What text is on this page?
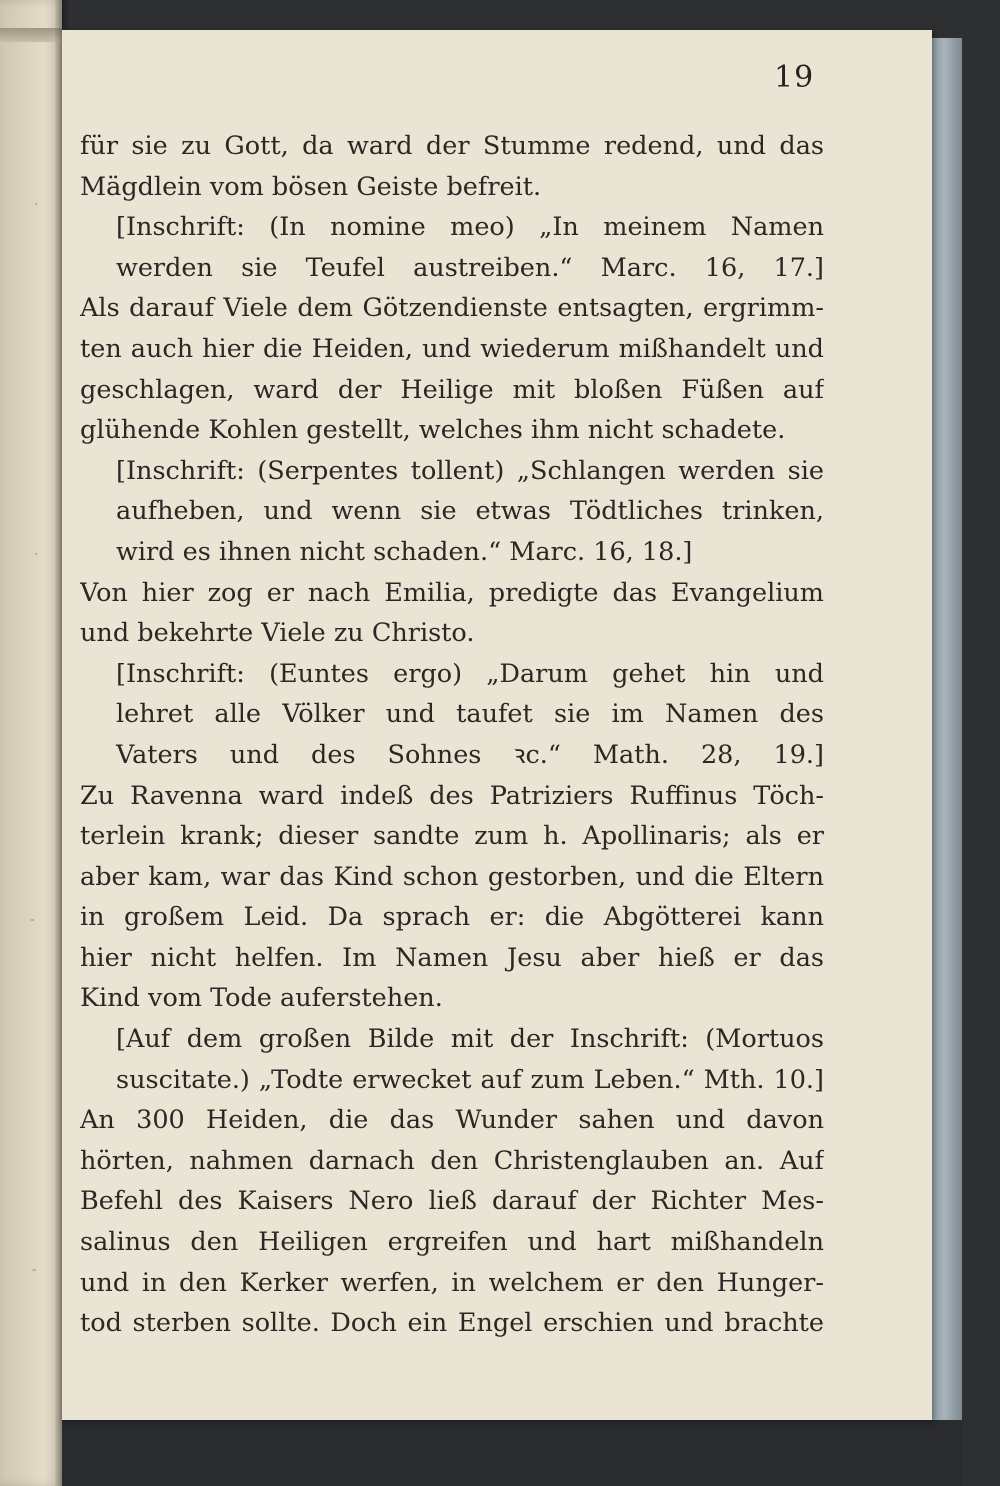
19
für sie zu Gott, da ward der Stumme redend, und das
Mägdlein vom bösen Geiste befreit.
[Inschrift: (In nomine meo) „In meinem Namen
werden sie Teufel austreiben.“ Marc. 16, 17.]
Als darauf Viele dem Götzendienste entsagten, ergrimm-
ten auch hier die Heiden, und wiederum mißhandelt und
geschlagen, ward der Heilige mit bloßen Füßen auf
glühende Kohlen gestellt, welches ihm nicht schadete.
[Inschrift: (Serpentes tollent) „Schlangen werden sie
aufheben, und wenn sie etwas Tödtliches trinken,
wird es ihnen nicht schaden.“ Marc. 16, 18.]
Von hier zog er nach Emilia, predigte das Evangelium
und bekehrte Viele zu Christo.
[Inschrift: (Euntes ergo) „Darum gehet hin und
lehret alle Völker und taufet sie im Namen des
Vaters und des Sohnes ꝛc.“ Math. 28, 19.]
Zu Ravenna ward indeß des Patriziers Ruffinus Töch-
terlein krank; dieser sandte zum h. Apollinaris; als er
aber kam, war das Kind schon gestorben, und die Eltern
in großem Leid. Da sprach er: die Abgötterei kann
hier nicht helfen. Im Namen Jesu aber hieß er das
Kind vom Tode auferstehen.
[Auf dem großen Bilde mit der Inschrift: (Mortuos
suscitate.) „Todte erwecket auf zum Leben.“ Mth. 10.]
An 300 Heiden, die das Wunder sahen und davon
hörten, nahmen darnach den Christenglauben an. Auf
Befehl des Kaisers Nero ließ darauf der Richter Mes-
salinus den Heiligen ergreifen und hart mißhandeln
und in den Kerker werfen, in welchem er den Hunger-
tod sterben sollte. Doch ein Engel erschien und brachte
ˏ
ˏ
˗
˗
